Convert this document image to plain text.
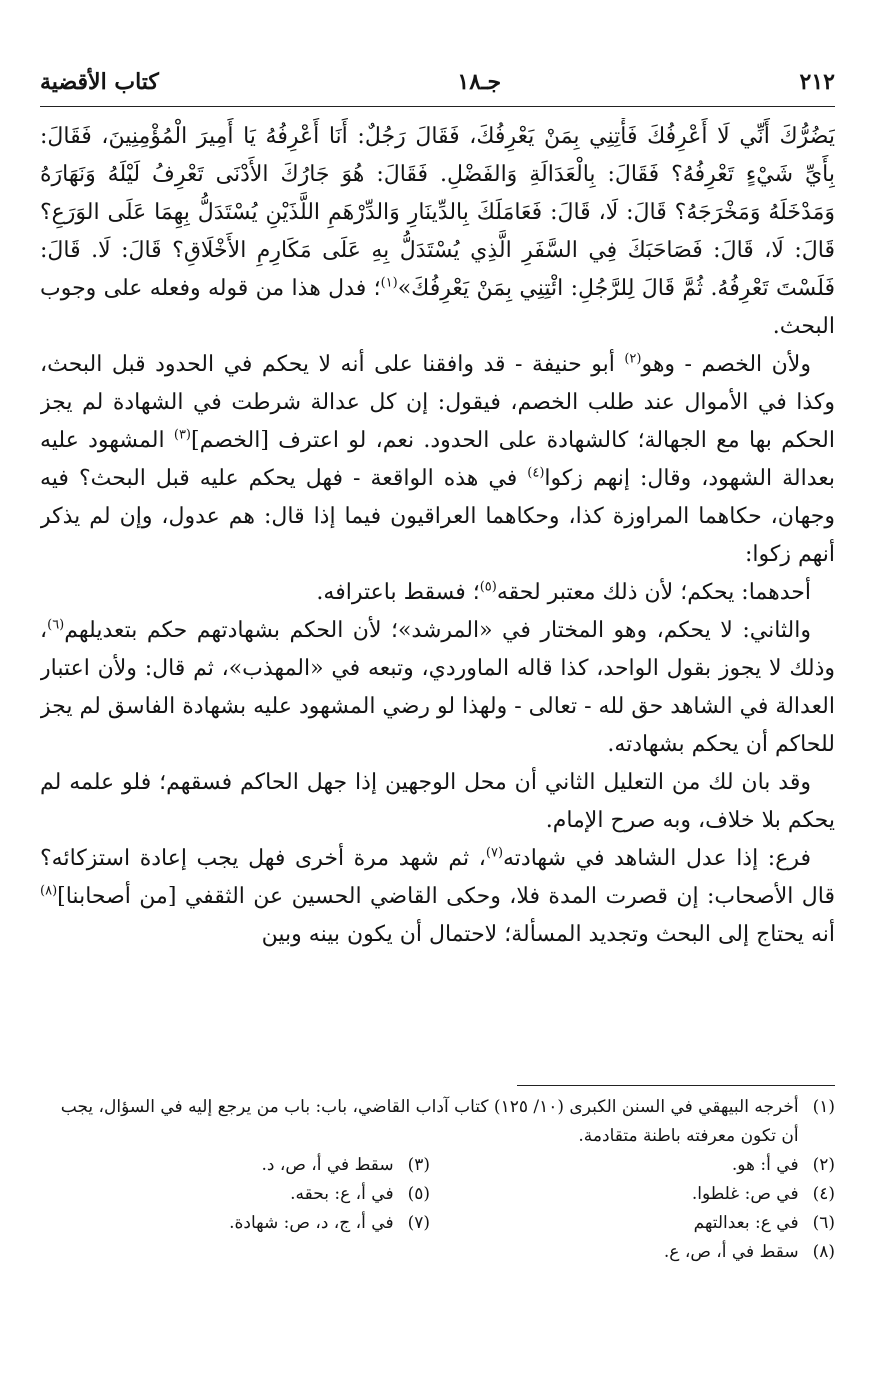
٢١٢
جـ١٨
كتاب الأقضية

يَضُرُّكَ أَنِّي لَا أَعْرِفُكَ فَأْتِنِي بِمَنْ يَعْرِفُكَ، فَقَالَ رَجُلٌ: أَنَا أَعْرِفُهُ يَا أَمِيرَ الْمُؤْمِنِينَ، فَقَالَ: بِأَيِّ شَيْءٍ تَعْرِفُهُ؟ فَقَالَ: بِالْعَدَالَةِ وَالفَضْلِ. فَقَالَ: هُوَ جَارُكَ الأَدْنَى تَعْرِفُ لَيْلَهُ وَنَهَارَهُ وَمَدْخَلَهُ وَمَخْرَجَهُ؟ قَالَ: لَا، قَالَ: فَعَامَلَكَ بِالدِّينَارِ وَالدِّرْهَمِ اللَّذَيْنِ يُسْتَدَلُّ بِهِمَا عَلَى الوَرَعِ؟ قَالَ: لَا، قَالَ: فَصَاحَبَكَ فِي السَّفَرِ الَّذِي يُسْتَدَلُّ بِهِ عَلَى مَكَارِمِ الأَخْلَاقِ؟ قَالَ: لَا. قَالَ: فَلَسْتَ تَعْرِفُهُ. ثُمَّ قَالَ لِلرَّجُلِ: ائْتِنِي بِمَنْ يَعْرِفُكَ»$^{(١)}$؛ فدل هذا من قوله وفعله على وجوب البحث.

ولأن الخصم - وهو$^{(٢)}$ أبو حنيفة - قد وافقنا على أنه لا يحكم في الحدود قبل البحث، وكذا في الأموال عند طلب الخصم، فيقول: إن كل عدالة شرطت في الشهادة لم يجز الحكم بها مع الجهالة؛ كالشهادة على الحدود. نعم، لو اعترف [الخصم]$^{(٣)}$ المشهود عليه بعدالة الشهود، وقال: إنهم زكوا$^{(٤)}$ في هذه الواقعة - فهل يحكم عليه قبل البحث؟ فيه وجهان، حكاهما المراوزة كذا، وحكاهما العراقيون فيما إذا قال: هم عدول، وإن لم يذكر أنهم زكوا:

أحدهما: يحكم؛ لأن ذلك معتبر لحقه$^{(٥)}$؛ فسقط باعترافه.

والثاني: لا يحكم، وهو المختار في «المرشد»؛ لأن الحكم بشهادتهم حكم بتعديلهم$^{(٦)}$، وذلك لا يجوز بقول الواحد، كذا قاله الماوردي، وتبعه في «المهذب»، ثم قال: ولأن اعتبار العدالة في الشاهد حق لله - تعالى - ولهذا لو رضي المشهود عليه بشهادة الفاسق لم يجز للحاكم أن يحكم بشهادته.

وقد بان لك من التعليل الثاني أن محل الوجهين إذا جهل الحاكم فسقهم؛ فلو علمه لم يحكم بلا خلاف، وبه صرح الإمام.

فرع: إذا عدل الشاهد في شهادته$^{(٧)}$، ثم شهد مرة أخرى فهل يجب إعادة استزكائه؟ قال الأصحاب: إن قصرت المدة فلا، وحكى القاضي الحسين عن الثقفي [من أصحابنا]$^{(٨)}$ أنه يحتاج إلى البحث وتجديد المسألة؛ لاحتمال أن يكون بينه وبين

(١)
أخرجه البيهقي في السنن الكبرى (١٠/ ١٢٥) كتاب آداب القاضي، باب: باب من يرجع إليه في السؤال، يجب أن تكون معرفته باطنة متقادمة.
(٢)
في أ: هو.
(٣)
سقط في أ، ص، د.
(٤)
في ص: غلطوا.
(٥)
في أ، ع: بحقه.
(٦)
في ع: بعدالتهم
(٧)
في أ، ج، د، ص: شهادة.
(٨)
سقط في أ، ص، ع.
